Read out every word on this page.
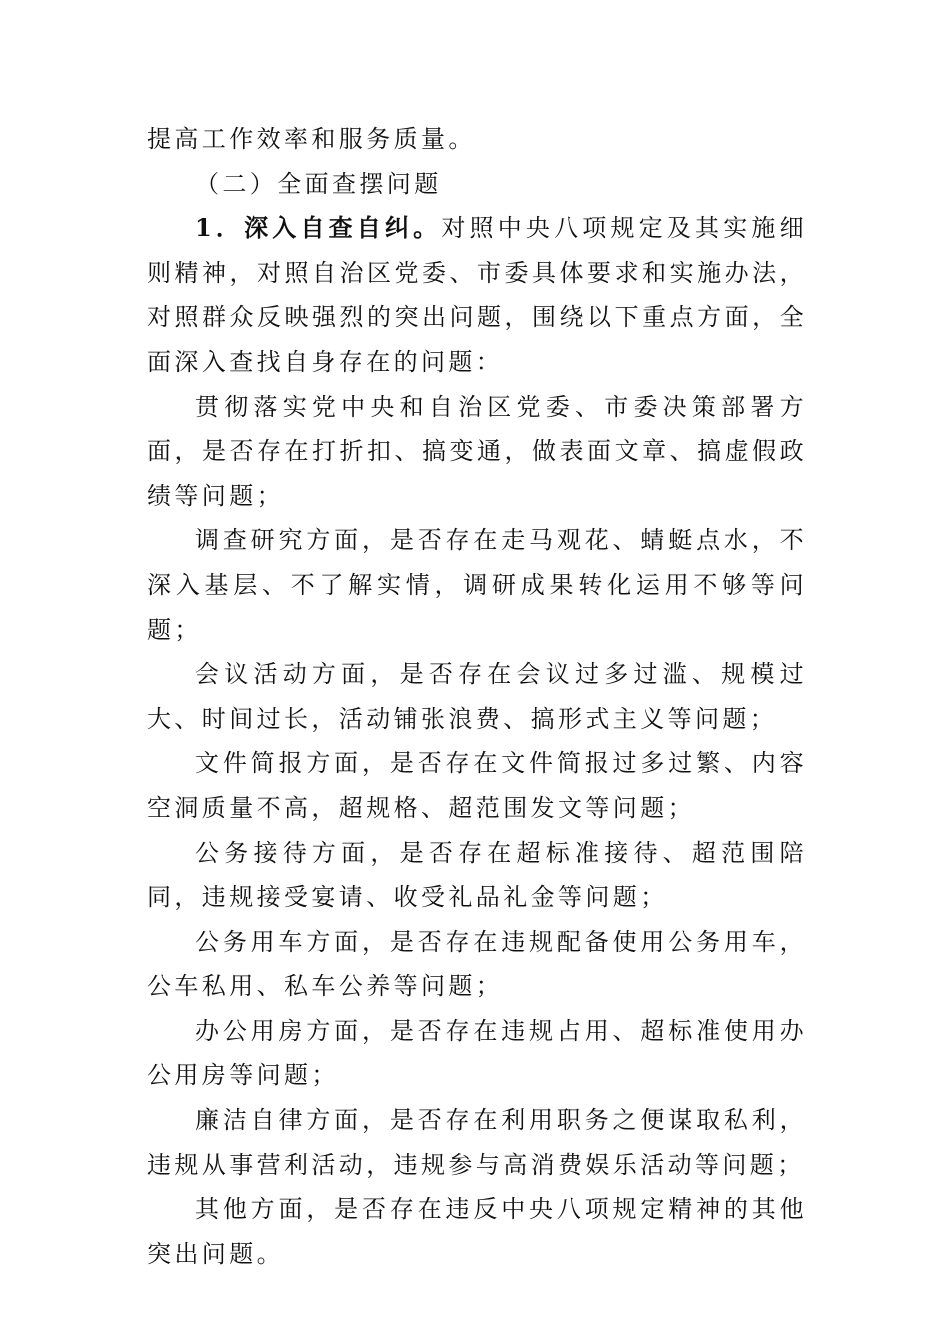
提高工作效率和服务质量。

（二）全面查摆问题

1．深入自查自纠。对照中央八项规定及其实施细则精神，对照自治区党委、市委具体要求和实施办法，对照群众反映强烈的突出问题，围绕以下重点方面，全面深入查找自身存在的问题：

贯彻落实党中央和自治区党委、市委决策部署方面，是否存在打折扣、搞变通，做表面文章、搞虚假政绩等问题；

调查研究方面，是否存在走马观花、蜻蜓点水，不深入基层、不了解实情，调研成果转化运用不够等问题；

会议活动方面，是否存在会议过多过滥、规模过大、时间过长，活动铺张浪费、搞形式主义等问题；

文件简报方面，是否存在文件简报过多过繁、内容空洞质量不高，超规格、超范围发文等问题；

公务接待方面，是否存在超标准接待、超范围陪同，违规接受宴请、收受礼品礼金等问题；

公务用车方面，是否存在违规配备使用公务用车，公车私用、私车公养等问题；

办公用房方面，是否存在违规占用、超标准使用办公用房等问题；

廉洁自律方面，是否存在利用职务之便谋取私利，违规从事营利活动，违规参与高消费娱乐活动等问题；

其他方面，是否存在违反中央八项规定精神的其他突出问题。
